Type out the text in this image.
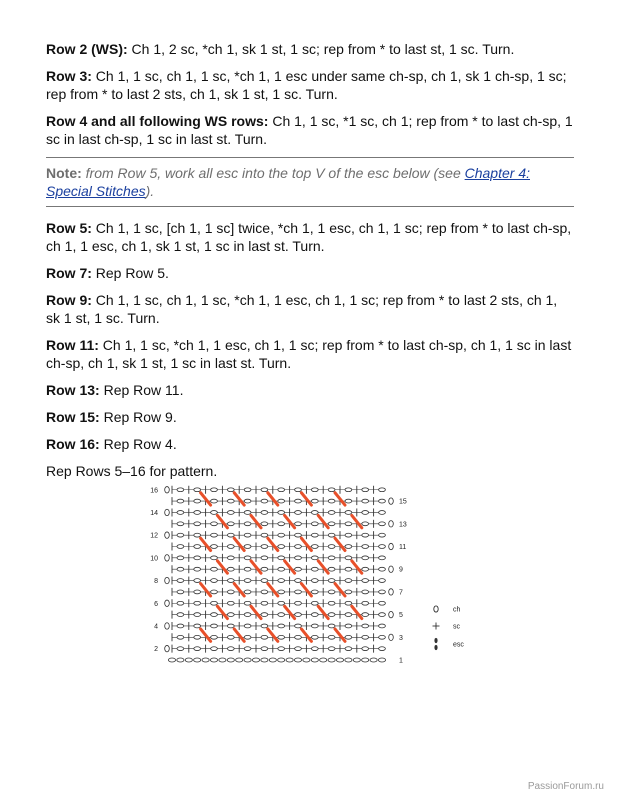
Row 2 (WS): Ch 1, 2 sc, *ch 1, sk 1 st, 1 sc; rep from * to last st, 1 sc. Turn.

Row 3: Ch 1, 1 sc, ch 1, 1 sc, *ch 1, 1 esc under same ch-sp, ch 1, sk 1 ch-sp, 1 sc; rep from * to last 2 sts, ch 1, sk 1 st, 1 sc. Turn.

Row 4 and all following WS rows: Ch 1, 1 sc, *1 sc, ch 1; rep from * to last ch-sp, 1 sc in last ch-sp, 1 sc in last st. Turn.

Note: from Row 5, work all esc into the top V of the esc below (see Chapter 4: Special Stitches).

Row 5: Ch 1, 1 sc, [ch 1, 1 sc] twice, *ch 1, 1 esc, ch 1, 1 sc; rep from * to last ch-sp, ch 1, 1 esc, ch 1, sk 1 st, 1 sc in last st. Turn.

Row 7: Rep Row 5.

Row 9: Ch 1, 1 sc, ch 1, 1 sc, *ch 1, 1 esc, ch 1, 1 sc; rep from * to last 2 sts, ch 1, sk 1 st, 1 sc. Turn.

Row 11: Ch 1, 1 sc, *ch 1, 1 esc, ch 1, 1 sc; rep from * to last ch-sp, ch 1, 1 sc in last ch-sp, ch 1, sk 1 st, 1 sc in last st. Turn.

Row 13: Rep Row 11.

Row 15: Rep Row 9.

Row 16: Rep Row 4.

Rep Rows 5–16 for pattern.

16
14
12
10
8
6
4
2
15
13
11
9
7
5
3
1
ch
sc
esc
PassionForum.ru
